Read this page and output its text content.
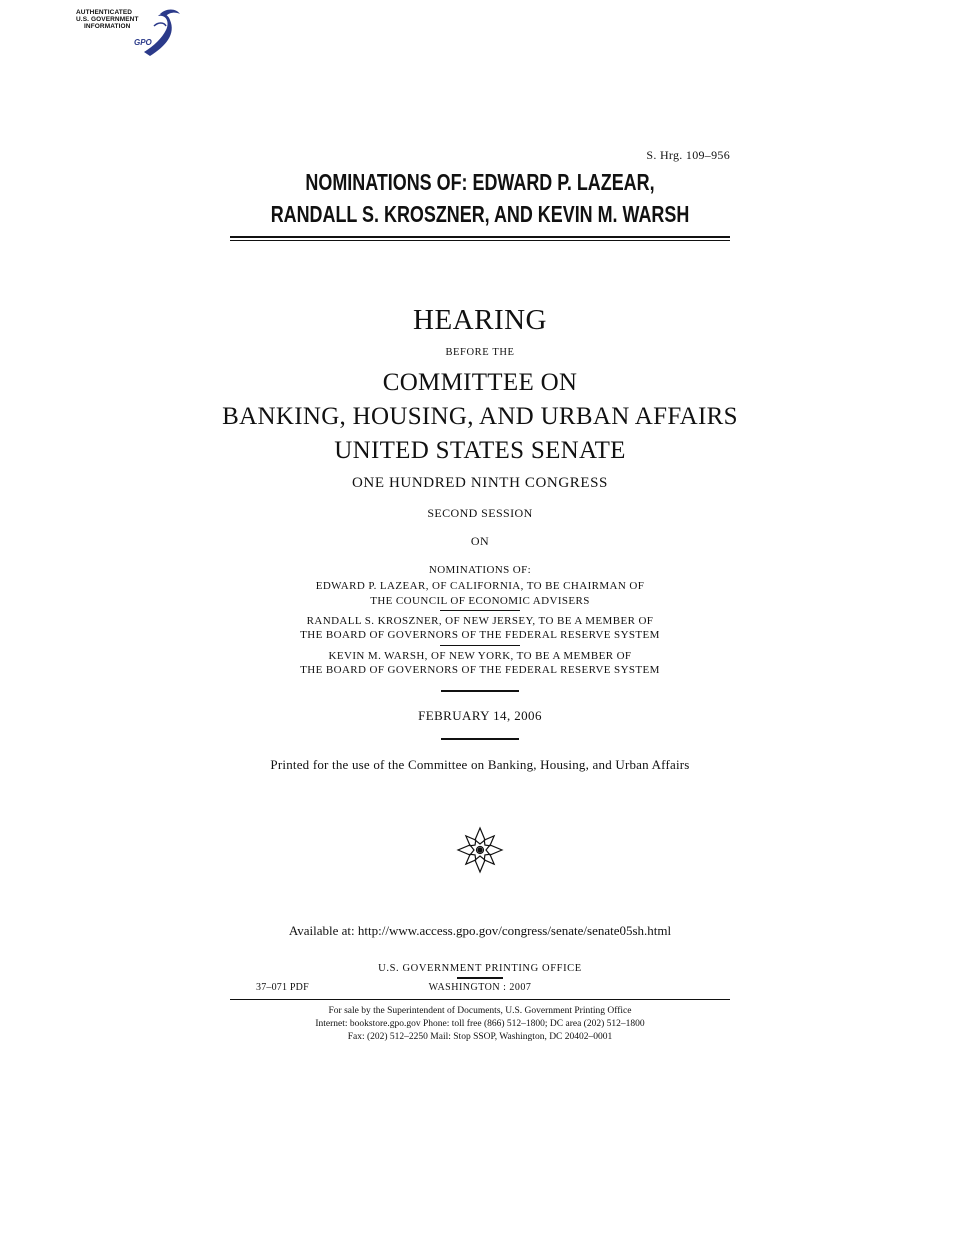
AUTHENTICATED
U.S. GOVERNMENT
INFORMATION
GPO
S. Hrg. 109–956
NOMINATIONS OF: EDWARD P. LAZEAR,
RANDALL S. KROSZNER, AND KEVIN M. WARSH
HEARING
BEFORE THE
COMMITTEE ON
BANKING, HOUSING, AND URBAN AFFAIRS
UNITED STATES SENATE
ONE HUNDRED NINTH CONGRESS
SECOND SESSION
ON
NOMINATIONS OF:
EDWARD P. LAZEAR, OF CALIFORNIA, TO BE CHAIRMAN OF
THE COUNCIL OF ECONOMIC ADVISERS
RANDALL S. KROSZNER, OF NEW JERSEY, TO BE A MEMBER OF
THE BOARD OF GOVERNORS OF THE FEDERAL RESERVE SYSTEM
KEVIN M. WARSH, OF NEW YORK, TO BE A MEMBER OF
THE BOARD OF GOVERNORS OF THE FEDERAL RESERVE SYSTEM
FEBRUARY 14, 2006
Printed for the use of the Committee on Banking, Housing, and Urban Affairs
Available at: http://www.access.gpo.gov/congress/senate/senate05sh.html
U.S. GOVERNMENT PRINTING OFFICE
37–071 PDF	WASHINGTON : 2007
For sale by the Superintendent of Documents, U.S. Government Printing Office
Internet: bookstore.gpo.gov Phone: toll free (866) 512–1800; DC area (202) 512–1800
Fax: (202) 512–2250 Mail: Stop SSOP, Washington, DC 20402–0001
